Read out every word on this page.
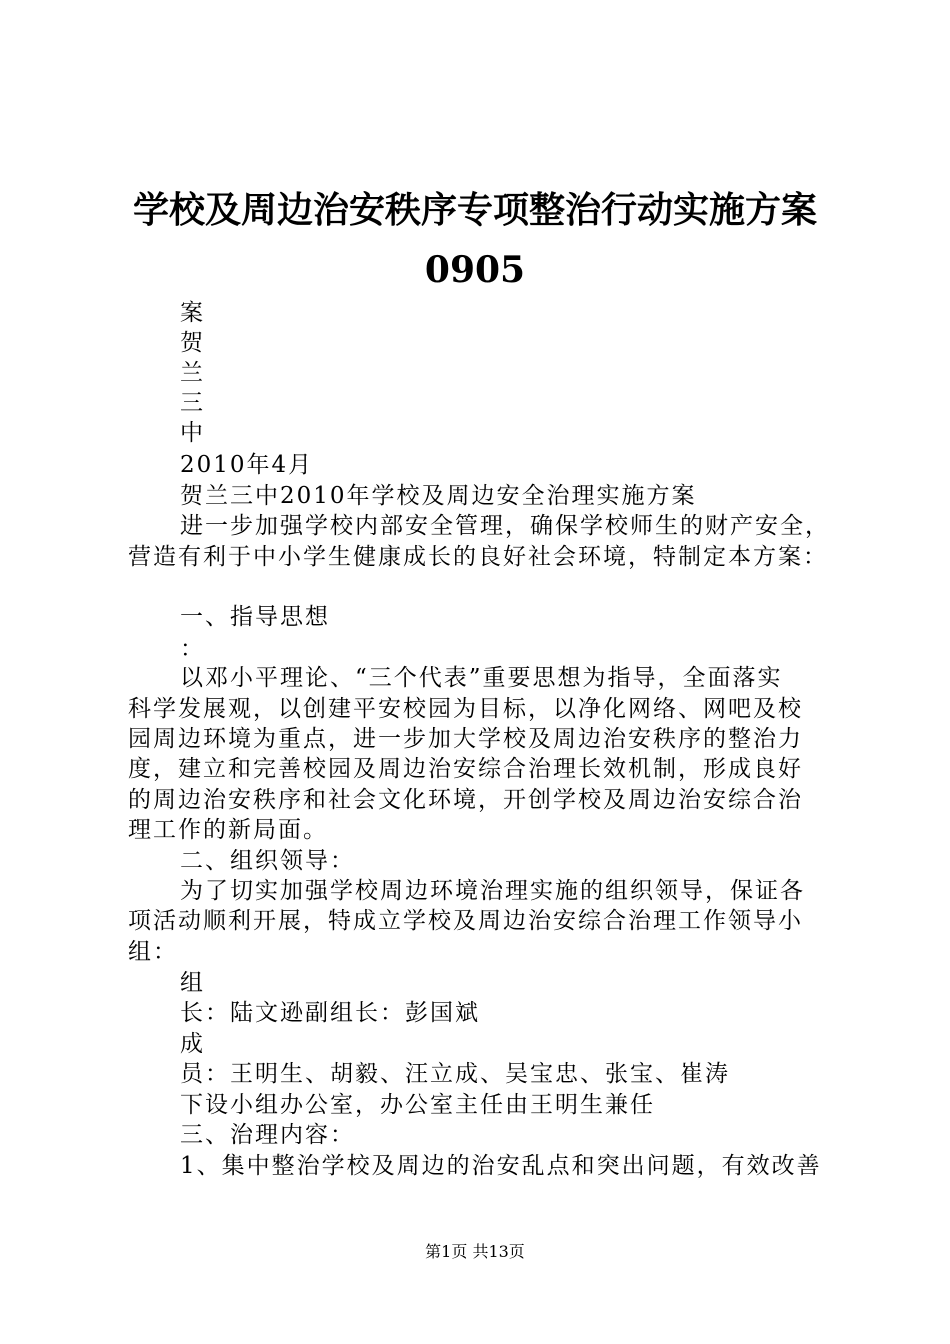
学校及周边治安秩序专项整治行动实施方案
0905
案
贺
兰
三
中
2010年4月
贺兰三中2010年学校及周边安全治理实施方案
进一步加强学校内部安全管理，确保学校师生的财产安全，
营造有利于中小学生健康成长的良好社会环境，特制定本方案：
一、指导思想
：
以邓小平理论、“三个代表”重要思想为指导，全面落实
科学发展观，以创建平安校园为目标，以净化网络、网吧及校
园周边环境为重点，进一步加大学校及周边治安秩序的整治力
度，建立和完善校园及周边治安综合治理长效机制，形成良好
的周边治安秩序和社会文化环境，开创学校及周边治安综合治
理工作的新局面。
二、组织领导：
为了切实加强学校周边环境治理实施的组织领导，保证各
项活动顺利开展，特成立学校及周边治安综合治理工作领导小
组：
组
长：陆文逊副组长：彭国斌
成
员：王明生、胡毅、汪立成、吴宝忠、张宝、崔涛
下设小组办公室，办公室主任由王明生兼任
三、治理内容：
1、集中整治学校及周边的治安乱点和突出问题，有效改善
第1页 共13页
